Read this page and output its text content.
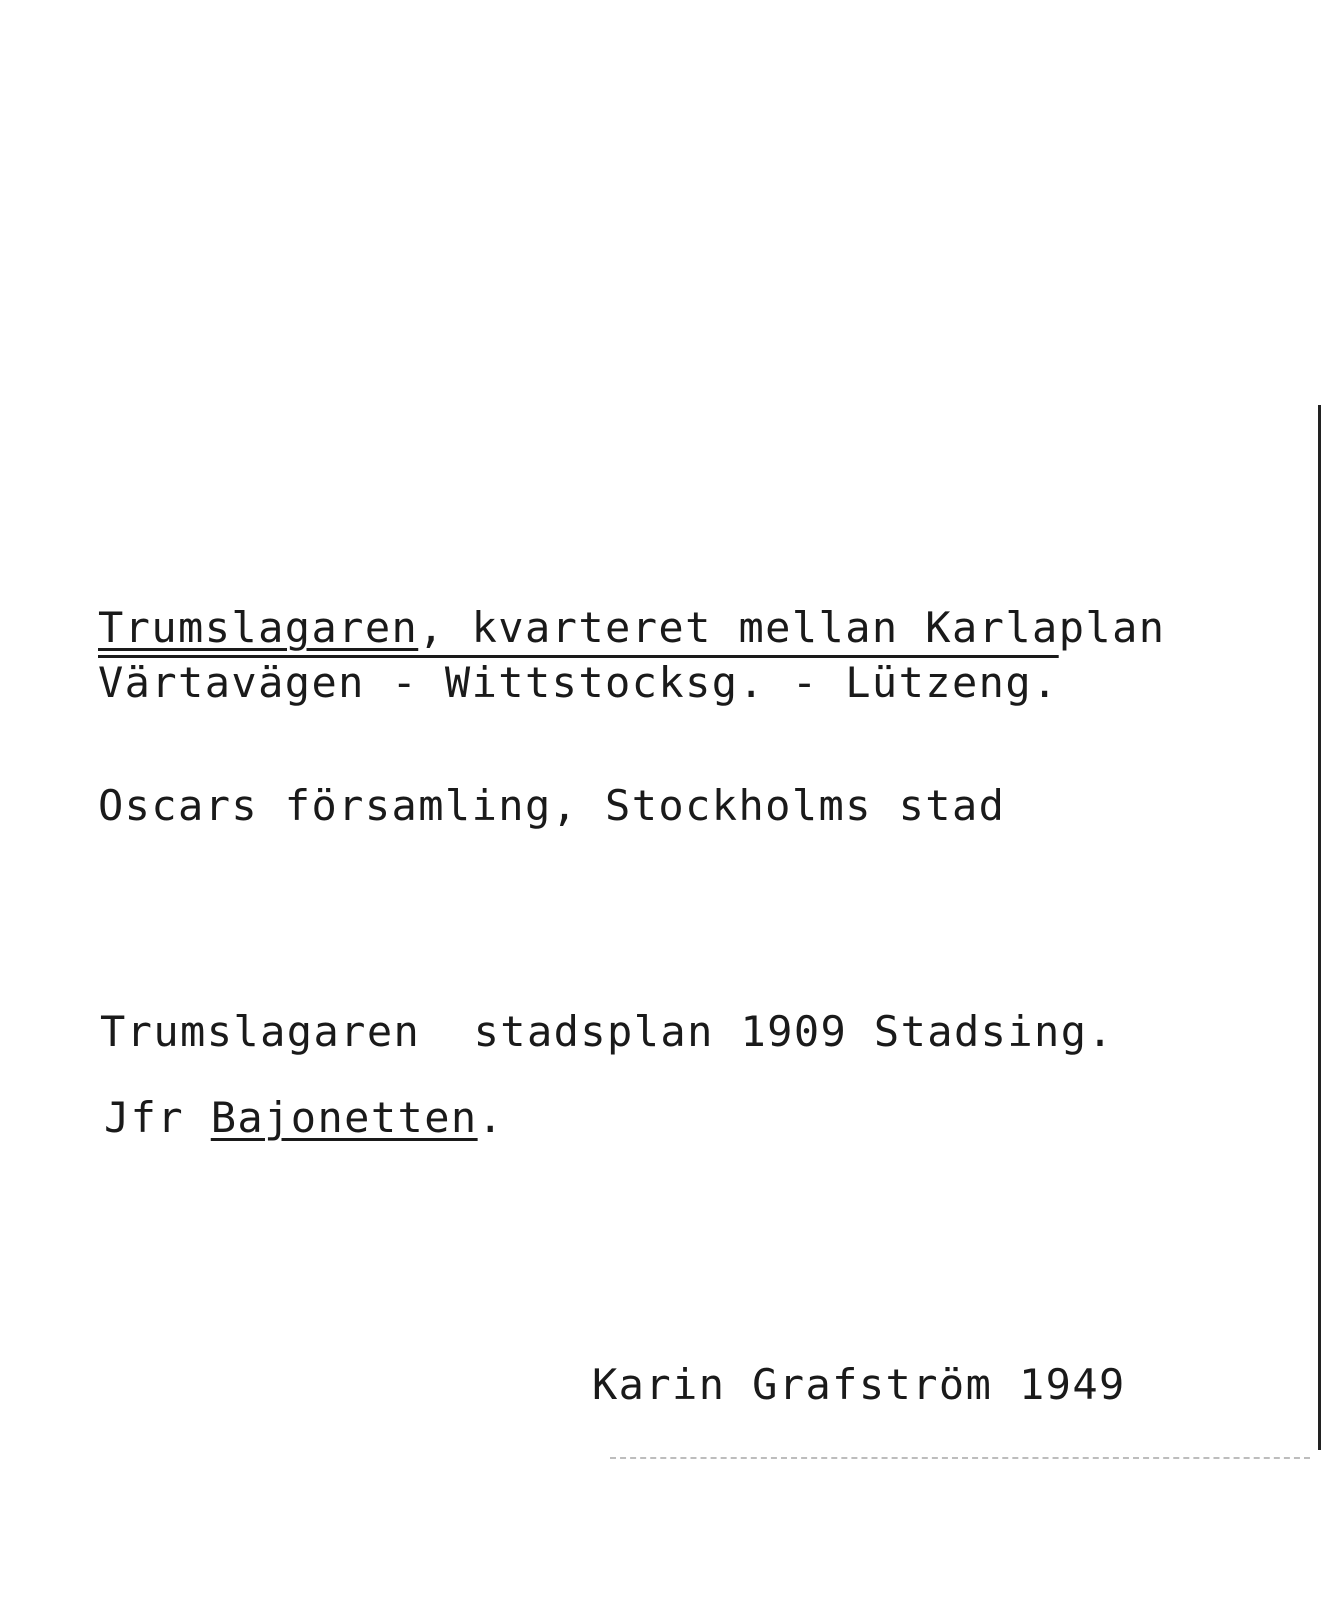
Trumslagaren, kvarteret mellan Karlaplan
Värtavägen - Wittstocksg. - Lützeng.
Oscars församling, Stockholms stad
Trumslagaren  stadsplan 1909 Stadsing.
Jfr Bajonetten.
Karin Grafström 1949
